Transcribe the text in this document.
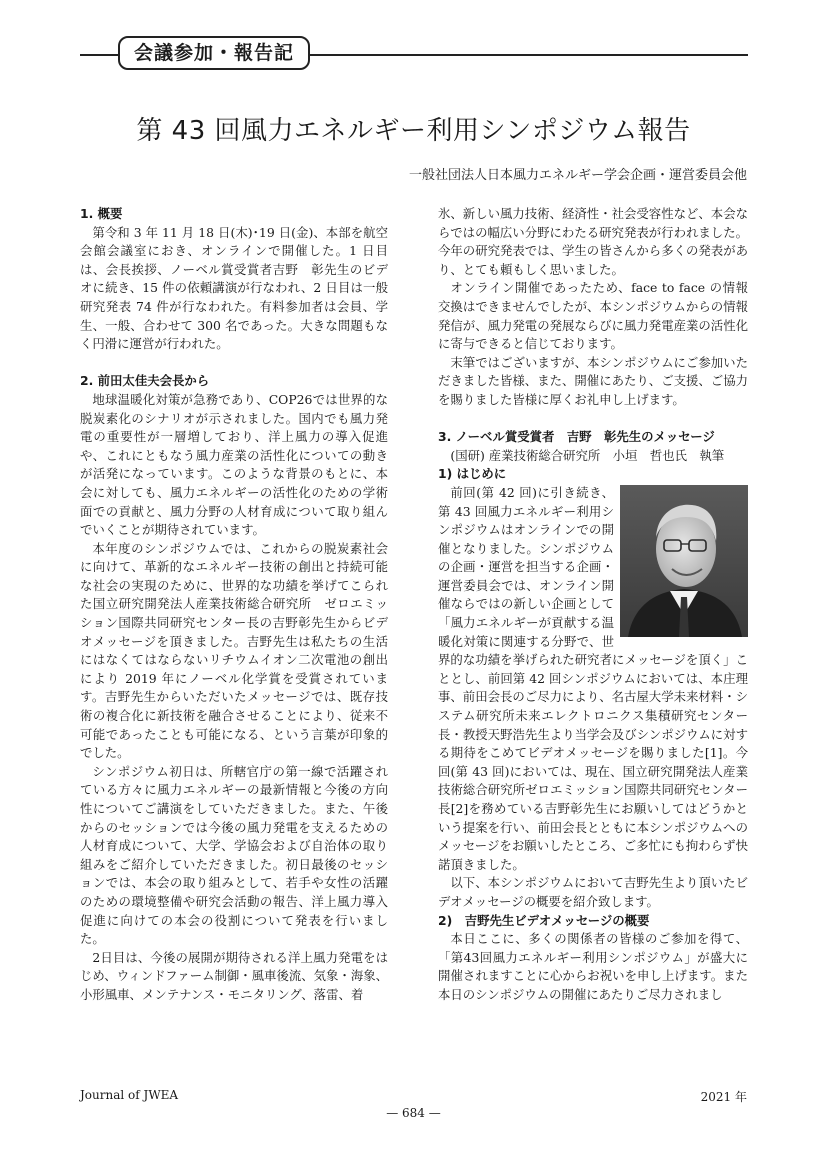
会議参加・報告記
第 43 回風力エネルギー利用シンポジウム報告
一般社団法人日本風力エネルギー学会企画・運営委員会他
1. 概要

第令和 3 年 11 月 18 日(木)･19 日(金)、本部を航空会館会議室におき、オンラインで開催した。1 日目は、会長挨拶、ノーベル賞受賞者吉野　彰先生のビデオに続き、15 件の依頼講演が行なわれ、2 日目は一般研究発表 74 件が行なわれた。有料参加者は会員、学生、一般、合わせて 300 名であった。大きな問題もなく円滑に運営が行われた。

2. 前田太佳夫会長から

地球温暖化対策が急務であり、COP26では世界的な脱炭素化のシナリオが示されました。国内でも風力発電の重要性が一層増しており、洋上風力の導入促進や、これにともなう風力産業の活性化についての動きが活発になっています。このような背景のもとに、本会に対しても、風力エネルギーの活性化のための学術面での貢献と、風力分野の人材育成について取り組んでいくことが期待されています。

本年度のシンポジウムでは、これからの脱炭素社会に向けて、革新的なエネルギー技術の創出と持続可能な社会の実現のために、世界的な功績を挙げてこられた国立研究開発法人産業技術総合研究所　ゼロエミッション国際共同研究センター長の吉野彰先生からビデオメッセージを頂きました。吉野先生は私たちの生活にはなくてはならないリチウムイオン二次電池の創出により 2019 年にノーベル化学賞を受賞されています。吉野先生からいただいたメッセージでは、既存技術の複合化に新技術を融合させることにより、従来不可能であったことも可能になる、という言葉が印象的でした。

シンポジウム初日は、所轄官庁の第一線で活躍されている方々に風力エネルギーの最新情報と今後の方向性についてご講演をしていただきました。また、午後からのセッションでは今後の風力発電を支えるための人材育成について、大学、学協会および自治体の取り組みをご紹介していただきました。初日最後のセッションでは、本会の取り組みとして、若手や女性の活躍のための環境整備や研究会活動の報告、洋上風力導入促進に向けての本会の役割について発表を行いました。

2日目は、今後の展開が期待される洋上風力発電をはじめ、ウィンドファーム制御・風車後流、気象・海象、小形風車、メンテナンス・モニタリング、落雷、着

氷、新しい風力技術、経済性・社会受容性など、本会ならではの幅広い分野にわたる研究発表が行われました。今年の研究発表では、学生の皆さんから多くの発表があり、とても頼もしく思いました。

オンライン開催であったため、face to face の情報交換はできませんでしたが、本シンポジウムからの情報発信が、風力発電の発展ならびに風力発電産業の活性化に寄与できると信じております。

末筆ではございますが、本シンポジウムにご参加いただきました皆様、また、開催にあたり、ご支援、ご協力を賜りました皆様に厚くお礼申し上げます。

3. ノーベル賞受賞者　吉野　彰先生のメッセージ
(国研) 産業技術総合研究所　小垣　哲也氏　執筆
1) はじめに

前回(第 42 回)に引き続き、第 43 回風力エネルギー利用シンポジウムはオンラインでの開催となりました。シンポジウムの企画・運営を担当する企画・運営委員会では、オンライン開催ならではの新しい企画として「風力エネルギーが貢献する温暖化対策に関連する分野で、世界的な功績を挙げられた研究者にメッセージを頂く」こととし、前回第 42 回シンポジウムにおいては、本庄理事、前田会長のご尽力により、名古屋大学未来材料・システム研究所未来エレクトロニクス集積研究センター長・教授天野浩先生より当学会及びシンポジウムに対する期待をこめてビデオメッセージを賜りました[1]。今回(第 43 回)においては、現在、国立研究開発法人産業技術総合研究所ゼロエミッション国際共同研究センター長[2]を務めている吉野彰先生にお願いしてはどうかという提案を行い、前田会長とともに本シンポジウムへのメッセージをお願いしたところ、ご多忙にも拘わらず快諾頂きました。

以下、本シンポジウムにおいて吉野先生より頂いたビデオメッセージの概要を紹介致します。

2)　吉野先生ビデオメッセージの概要

本日ここに、多くの関係者の皆様のご参加を得て、「第43回風力エネルギー利用シンポジウム」が盛大に開催されますことに心からお祝いを申し上げます。また本日のシンポジウムの開催にあたりご尽力されまし

Journal of JWEA	2021 年
— 684 —
